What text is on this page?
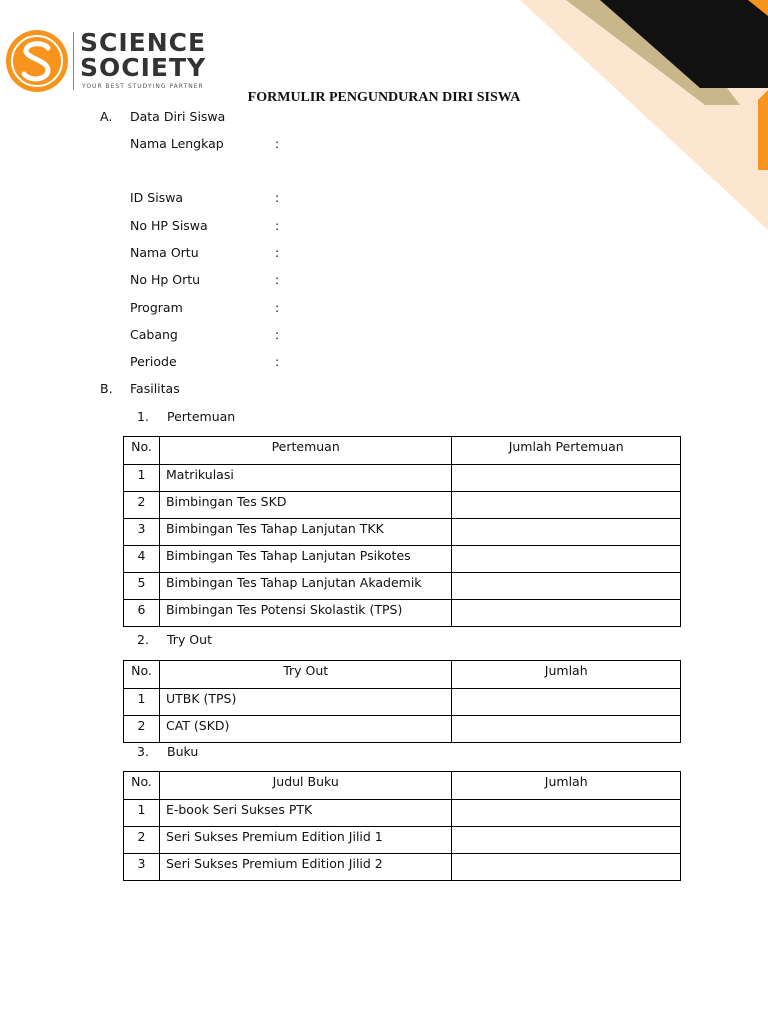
SCIENCE
SOCIETY
YOUR BEST STUDYING PARTNER
FORMULIR PENGUNDURAN DIRI SISWA
A. Data Diri Siswa
Nama Lengkap	:
ID Siswa	:
No HP Siswa	:
Nama Ortu	:
No Hp Ortu	:
Program	:
Cabang	:
Periode	:
B. Fasilitas
1. Pertemuan
No.	Pertemuan	Jumlah Pertemuan
1	Matrikulasi	
2	Bimbingan Tes SKD	
3	Bimbingan Tes Tahap Lanjutan TKK	
4	Bimbingan Tes Tahap Lanjutan Psikotes	
5	Bimbingan Tes Tahap Lanjutan Akademik	
6	Bimbingan Tes Potensi Skolastik (TPS)	
2. Try Out
No.	Try Out	Jumlah
1	UTBK (TPS)	
2	CAT (SKD)	
3. Buku
No.	Judul Buku	Jumlah
1	E-book Seri Sukses PTK	
2	Seri Sukses Premium Edition Jilid 1	
3	Seri Sukses Premium Edition Jilid 2	
